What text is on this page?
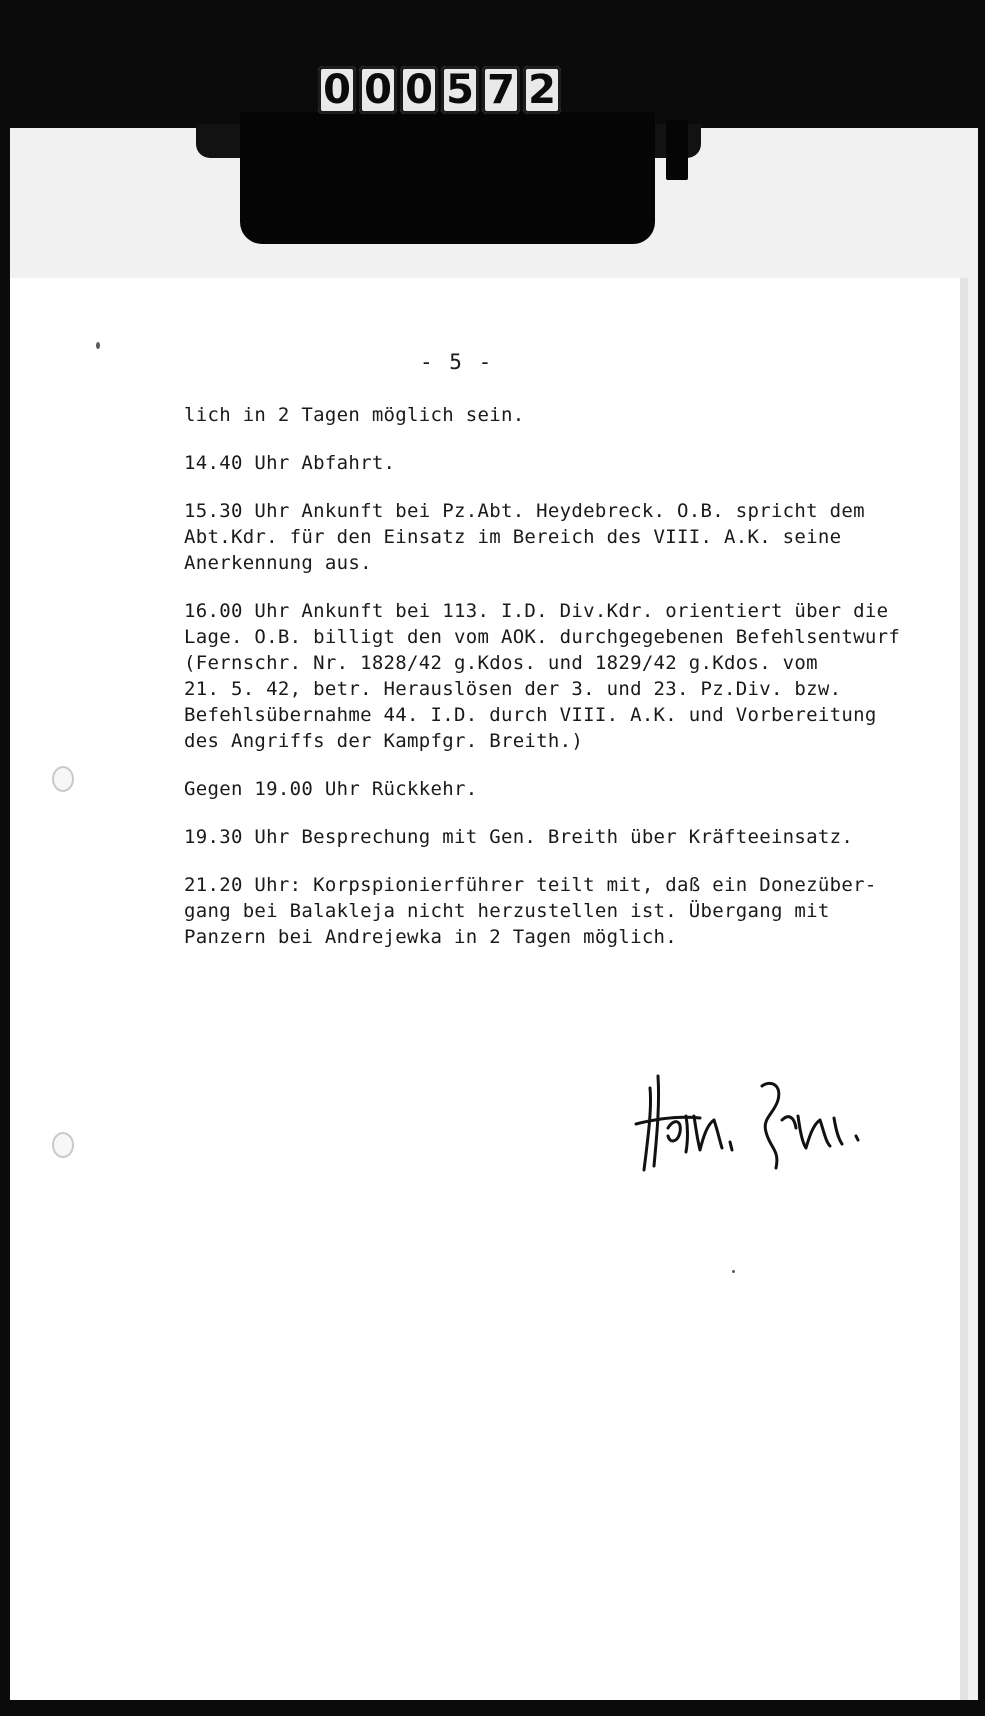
0 0 0 5 7 2
- 5 -

lich in 2 Tagen möglich sein.

14.40 Uhr Abfahrt.

15.30 Uhr Ankunft bei Pz.Abt. Heydebreck. O.B. spricht dem
Abt.Kdr. für den Einsatz im Bereich des VIII. A.K. seine
Anerkennung aus.

16.00 Uhr Ankunft bei 113. I.D. Div.Kdr. orientiert über die
Lage. O.B. billigt den vom AOK. durchgegebenen Befehlsentwurf
(Fernschr. Nr. 1828/42 g.Kdos. und 1829/42 g.Kdos. vom
21. 5. 42, betr. Herauslösen der 3. und 23. Pz.Div. bzw.
Befehlsübernahme 44. I.D. durch VIII. A.K. und Vorbereitung
des Angriffs der Kampfgr. Breith.)

Gegen 19.00 Uhr Rückkehr.

19.30 Uhr Besprechung mit Gen. Breith über Kräfteeinsatz.

21.20 Uhr: Korpspionierführer teilt mit, daß ein Donezüber-
gang bei Balakleja nicht herzustellen ist. Übergang mit
Panzern bei Andrejewka in 2 Tagen möglich.
